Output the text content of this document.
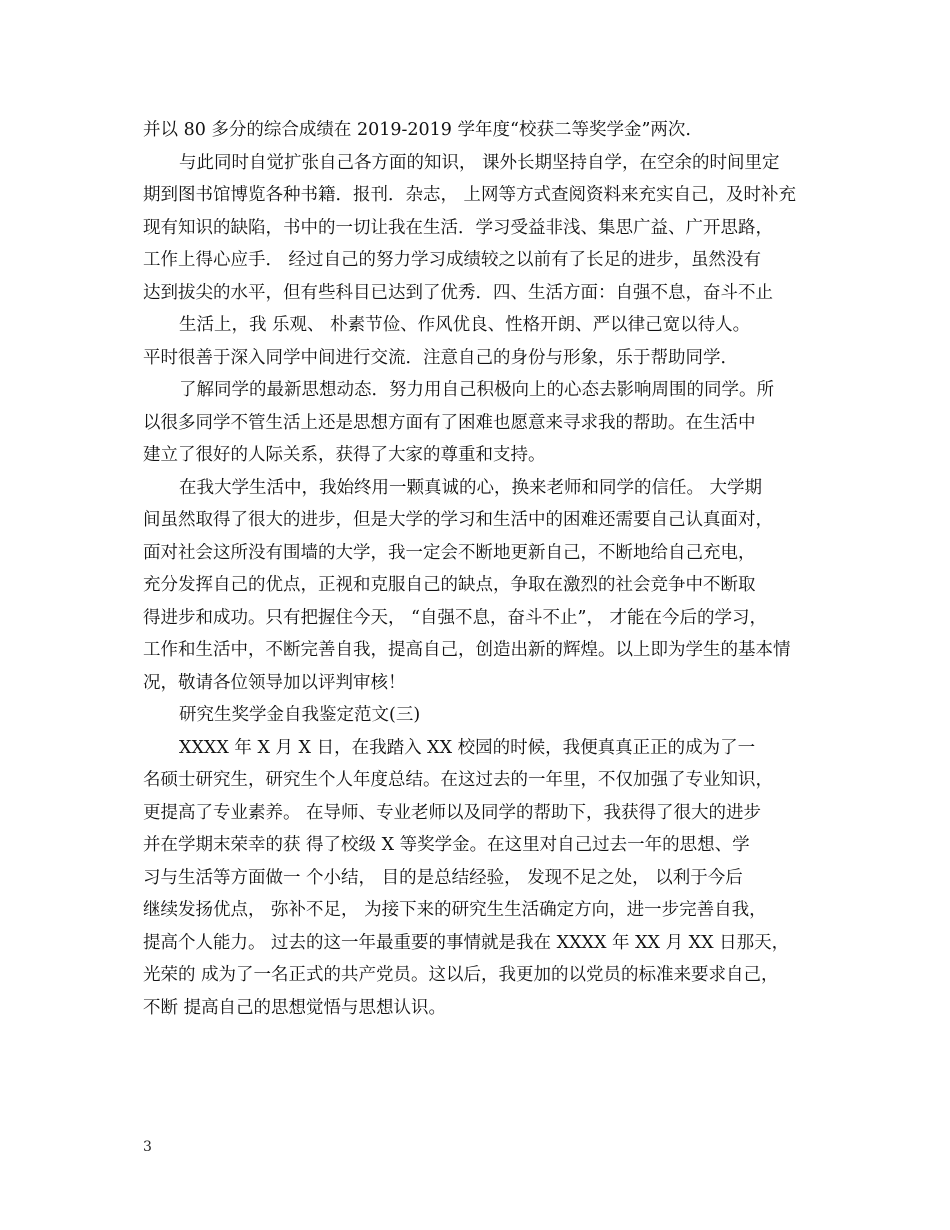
并以 80 多分的综合成绩在 2019-2019 学年度“校获二等奖学金”两次.
与此同时自觉扩张自己各方面的知识， 课外长期坚持自学，在空余的时间里定
期到图书馆博览各种书籍．报刊．杂志， 上网等方式查阅资料来充实自己，及时补充
现有知识的缺陷，书中的一切让我在生活．学习受益非浅、集思广益、广开思路，
工作上得心应手． 经过自己的努力学习成绩较之以前有了长足的进步，虽然没有
达到拔尖的水平，但有些科目已达到了优秀．四、生活方面：自强不息，奋斗不止
生活上，我 乐观、 朴素节俭、作风优良、性格开朗、严以律己宽以待人。
平时很善于深入同学中间进行交流．注意自己的身份与形象，乐于帮助同学．
了解同学的最新思想动态．努力用自己积极向上的心态去影响周围的同学。所
以很多同学不管生活上还是思想方面有了困难也愿意来寻求我的帮助。在生活中
建立了很好的人际关系，获得了大家的尊重和支持。
在我大学生活中，我始终用一颗真诚的心，换来老师和同学的信任。 大学期
间虽然取得了很大的进步，但是大学的学习和生活中的困难还需要自己认真面对，
面对社会这所没有围墙的大学，我一定会不断地更新自己，不断地给自己充电，
充分发挥自己的优点，正视和克服自己的缺点，争取在激烈的社会竞争中不断取
得进步和成功。只有把握住今天， “自强不息，奋斗不止”， 才能在今后的学习，
工作和生活中，不断完善自我，提高自己，创造出新的辉煌。以上即为学生的基本情
况，敬请各位领导加以评判审核！
研究生奖学金自我鉴定范文(三)
XXXX 年 X 月 X 日，在我踏入 XX 校园的时候，我便真真正正的成为了一
名硕士研究生，研究生个人年度总结。在这过去的一年里，不仅加强了专业知识，
更提高了专业素养。 在导师、专业老师以及同学的帮助下，我获得了很大的进步
并在学期末荣幸的获 得了校级 X 等奖学金。在这里对自己过去一年的思想、学
习与生活等方面做一 个小结， 目的是总结经验， 发现不足之处， 以利于今后
继续发扬优点， 弥补不足， 为接下来的研究生生活确定方向，进一步完善自我，
提高个人能力。 过去的这一年最重要的事情就是我在 XXXX 年 XX 月 XX 日那天，
光荣的 成为了一名正式的共产党员。这以后，我更加的以党员的标准来要求自己，
不断 提高自己的思想觉悟与思想认识。
3
